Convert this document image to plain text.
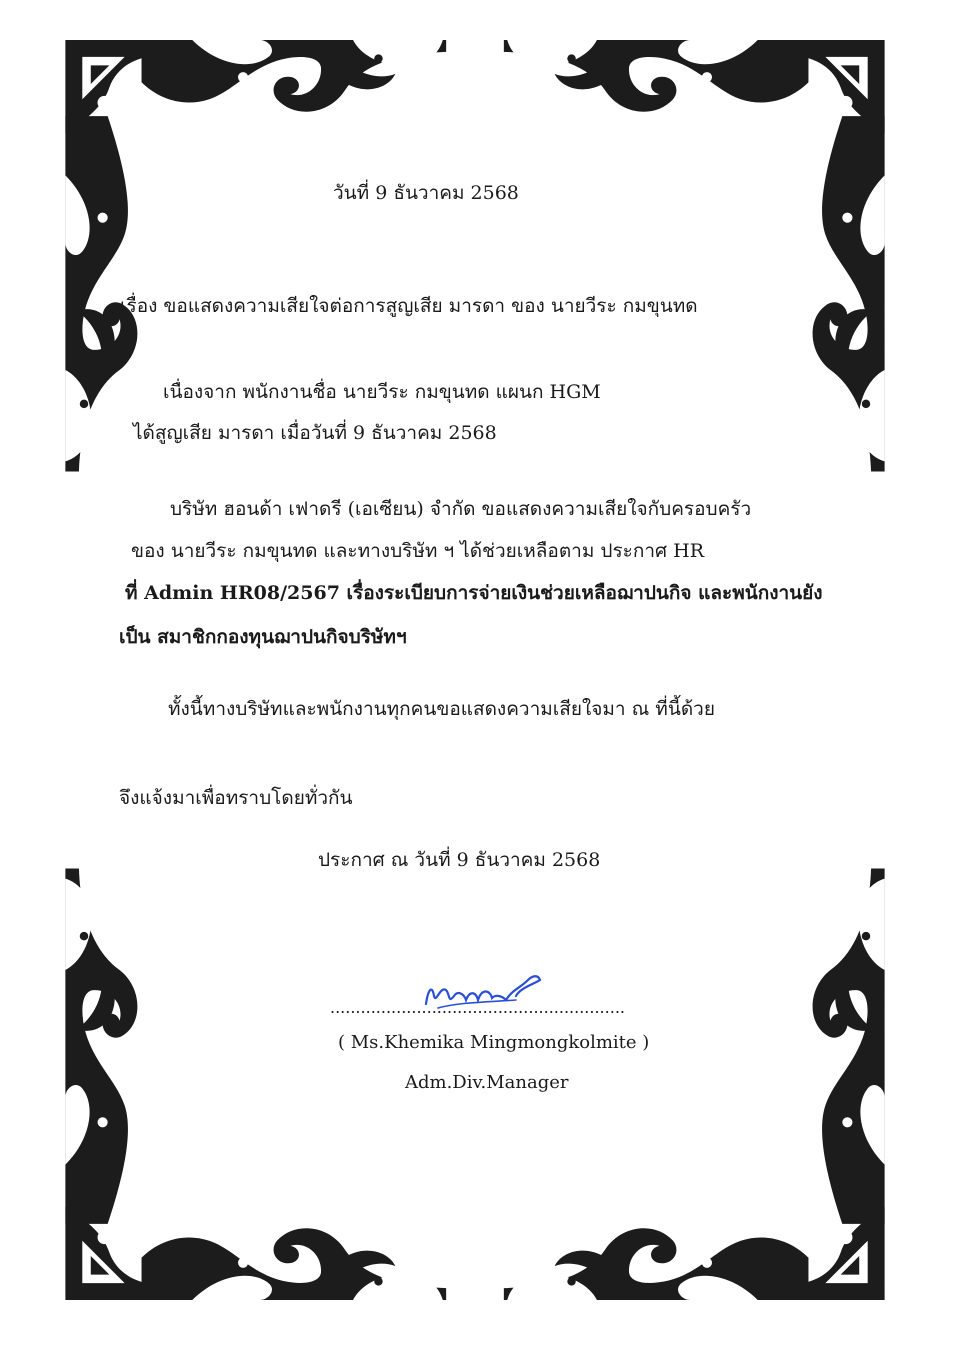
วันที่ 9 ธันวาคม 2568
เรื่อง ขอแสดงความเสียใจต่อการสูญเสีย มารดา ของ นายวีระ กมขุนทด
เนื่องจาก พนักงานชื่อ นายวีระ กมขุนทด แผนก HGM
ได้สูญเสีย มารดา เมื่อวันที่ 9 ธันวาคม 2568
บริษัท ฮอนด้า เฟาดรี (เอเซียน) จำกัด ขอแสดงความเสียใจกับครอบครัว
ของ นายวีระ กมขุนทด และทางบริษัท ฯ ได้ช่วยเหลือตาม ประกาศ HR
ที่ Admin HR08/2567 เรื่องระเบียบการจ่ายเงินช่วยเหลือฌาปนกิจ และพนักงานยัง
เป็น สมาชิกกองทุนฌาปนกิจบริษัทฯ
ทั้งนี้ทางบริษัทและพนักงานทุกคนขอแสดงความเสียใจมา ณ ที่นี้ด้วย
จึงแจ้งมาเพื่อทราบโดยทั่วกัน
ประกาศ ณ วันที่ 9 ธันวาคม 2568
..........................................................
( Ms.Khemika Mingmongkolmite )
Adm.Div.Manager
